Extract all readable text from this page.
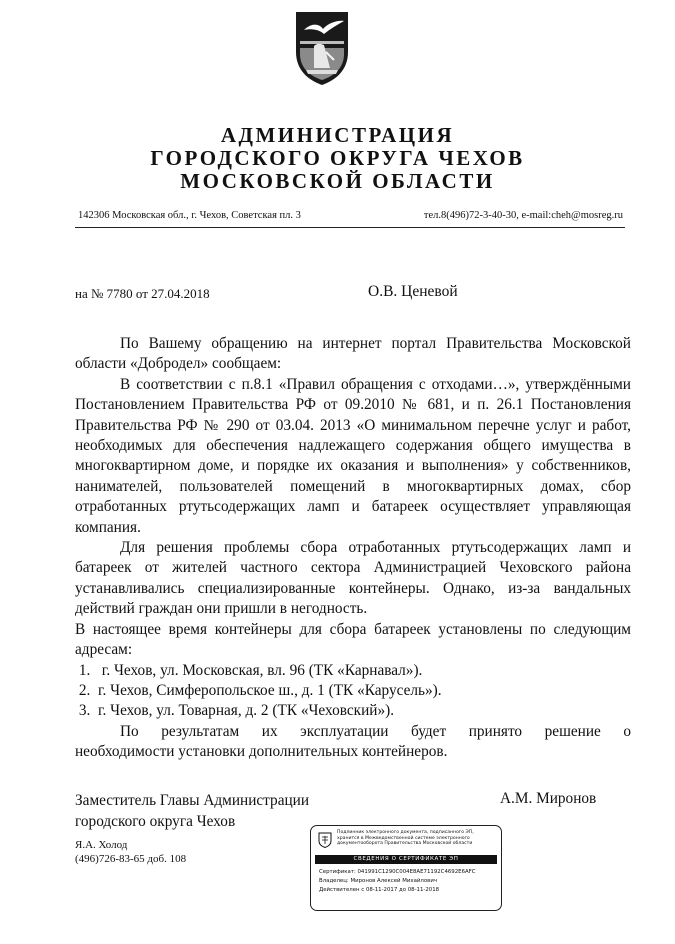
АДМИНИСТРАЦИЯ
ГОРОДСКОГО ОКРУГА ЧЕХОВ
МОСКОВСКОЙ ОБЛАСТИ
142306 Московская обл., г. Чехов, Советская пл. 3	тел.8(496)72-3-40-30, e-mail:cheh@mosreg.ru
на № 7780 от 27.04.2018	О.В. Ценевой

По Вашему обращению на интернет портал Правительства Московской области «Добродел» сообщаем:

В соответствии с п.8.1 «Правил обращения с отходами…», утверждёнными Постановлением Правительства РФ от 09.2010 № 681, и п. 26.1 Постановления Правительства РФ № 290 от 03.04. 2013 «О минимальном перечне услуг и работ, необходимых для обеспечения надлежащего содержания общего имущества в многоквартирном доме, и порядке их оказания и выполнения» у собственников, нанимателей, пользователей помещений в многоквартирных домах, сбор отработанных ртутьсодержащих ламп и батареек осуществляет управляющая компания.

Для решения проблемы сбора отработанных ртутьсодержащих ламп и батареек от жителей частного сектора Администрацией Чеховского района устанавливались специализированные контейнеры. Однако, из-за вандальных действий граждан они пришли в негодность.

В настоящее время контейнеры для сбора батареек установлены по следующим адресам:

1.   г. Чехов, ул. Московская, вл. 96 (ТК «Карнавал»).

2.  г. Чехов, Симферопольское ш., д. 1 (ТК «Карусель»).

3.  г. Чехов, ул. Товарная, д. 2 (ТК «Чеховский»).

По результатам их эксплуатации будет принято решение о

необходимости установки дополнительных контейнеров.

Заместитель Главы Администрации
городского округа Чехов
А.М. Миронов
Я.А. Холод
(496)726-83-65 доб. 108
Подлинник электронного документа, подписанного ЭП,
хранится в Межведомственной системе электронного
документооборота Правительства Московской области
СВЕДЕНИЯ О СЕРТИФИКАТЕ ЭП
Сертификат: 041991C1290C004E8AE71192C4692E6AFC
Владелец: Миронов Алексей Михайлович
Действителен с 08-11-2017 до 08-11-2018
